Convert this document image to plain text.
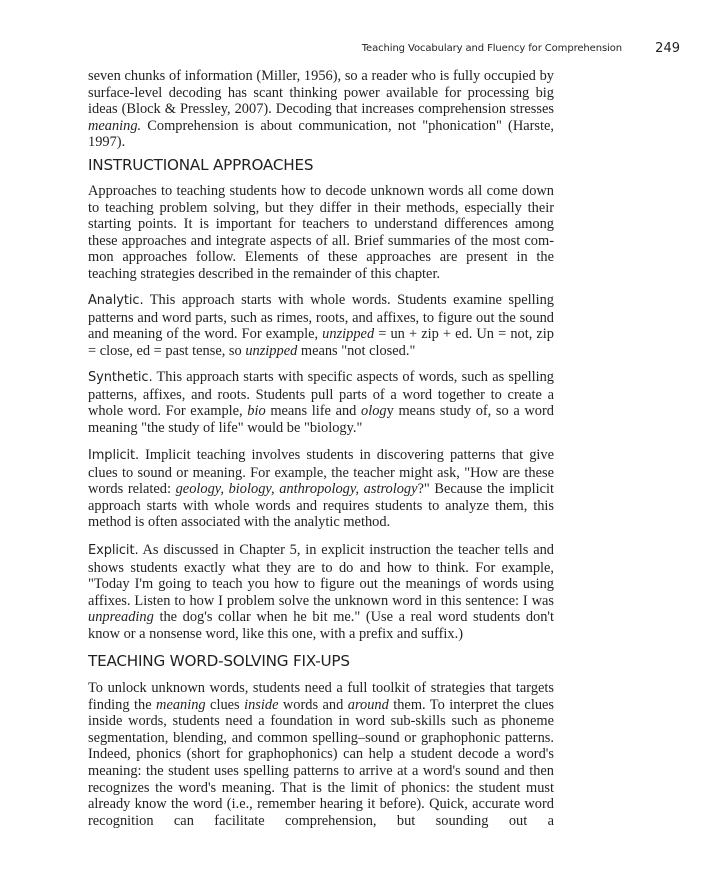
Teaching Vocabulary and Fluency for Comprehension	249

seven chunks of information (Miller, 1956), so a reader who is fully occupied by surface-level decoding has scant thinking power available for processing big ideas (Block & Pressley, 2007). Decoding that increases comprehension stresses meaning. Comprehension is about communication, not "phonication" (Harste, 1997).

INSTRUCTIONAL APPROACHES

Approaches to teaching students how to decode unknown words all come down to teaching problem solving, but they differ in their methods, especially their starting points. It is important for teachers to understand differences among these approaches and integrate aspects of all. Brief summaries of the most common approaches follow. Elements of these approaches are present in the teaching strategies described in the remainder of this chapter.

Analytic. This approach starts with whole words. Students examine spelling patterns and word parts, such as rimes, roots, and affixes, to figure out the sound and meaning of the word. For example, unzipped = un + zip + ed. Un = not, zip = close, ed = past tense, so unzipped means "not closed."

Synthetic. This approach starts with specific aspects of words, such as spelling patterns, affixes, and roots. Students pull parts of a word together to create a whole word. For example, bio means life and ology means study of, so a word meaning "the study of life" would be "biology."

Implicit. Implicit teaching involves students in discovering patterns that give clues to sound or meaning. For example, the teacher might ask, "How are these words related: geology, biology, anthropology, astrology?" Because the implicit approach starts with whole words and requires students to analyze them, this method is often associated with the analytic method.

Explicit. As discussed in Chapter 5, in explicit instruction the teacher tells and shows students exactly what they are to do and how to think. For example, "Today I'm going to teach you how to figure out the meanings of words using affixes. Listen to how I problem solve the unknown word in this sentence: I was unpreading the dog's collar when he bit me." (Use a real word students don't know or a nonsense word, like this one, with a prefix and suffix.)

TEACHING WORD-SOLVING FIX-UPS

To unlock unknown words, students need a full toolkit of strategies that targets finding the meaning clues inside words and around them. To interpret the clues inside words, students need a foundation in word sub-skills such as phoneme segmentation, blending, and common spelling–sound or graphophonic patterns. Indeed, phonics (short for graphophonics) can help a student decode a word's meaning: the student uses spelling patterns to arrive at a word's sound and then recognizes the word's meaning. That is the limit of phonics: the student must already know the word (i.e., remember hearing it before). Quick, accurate word recognition can facilitate comprehension, but sounding out a
